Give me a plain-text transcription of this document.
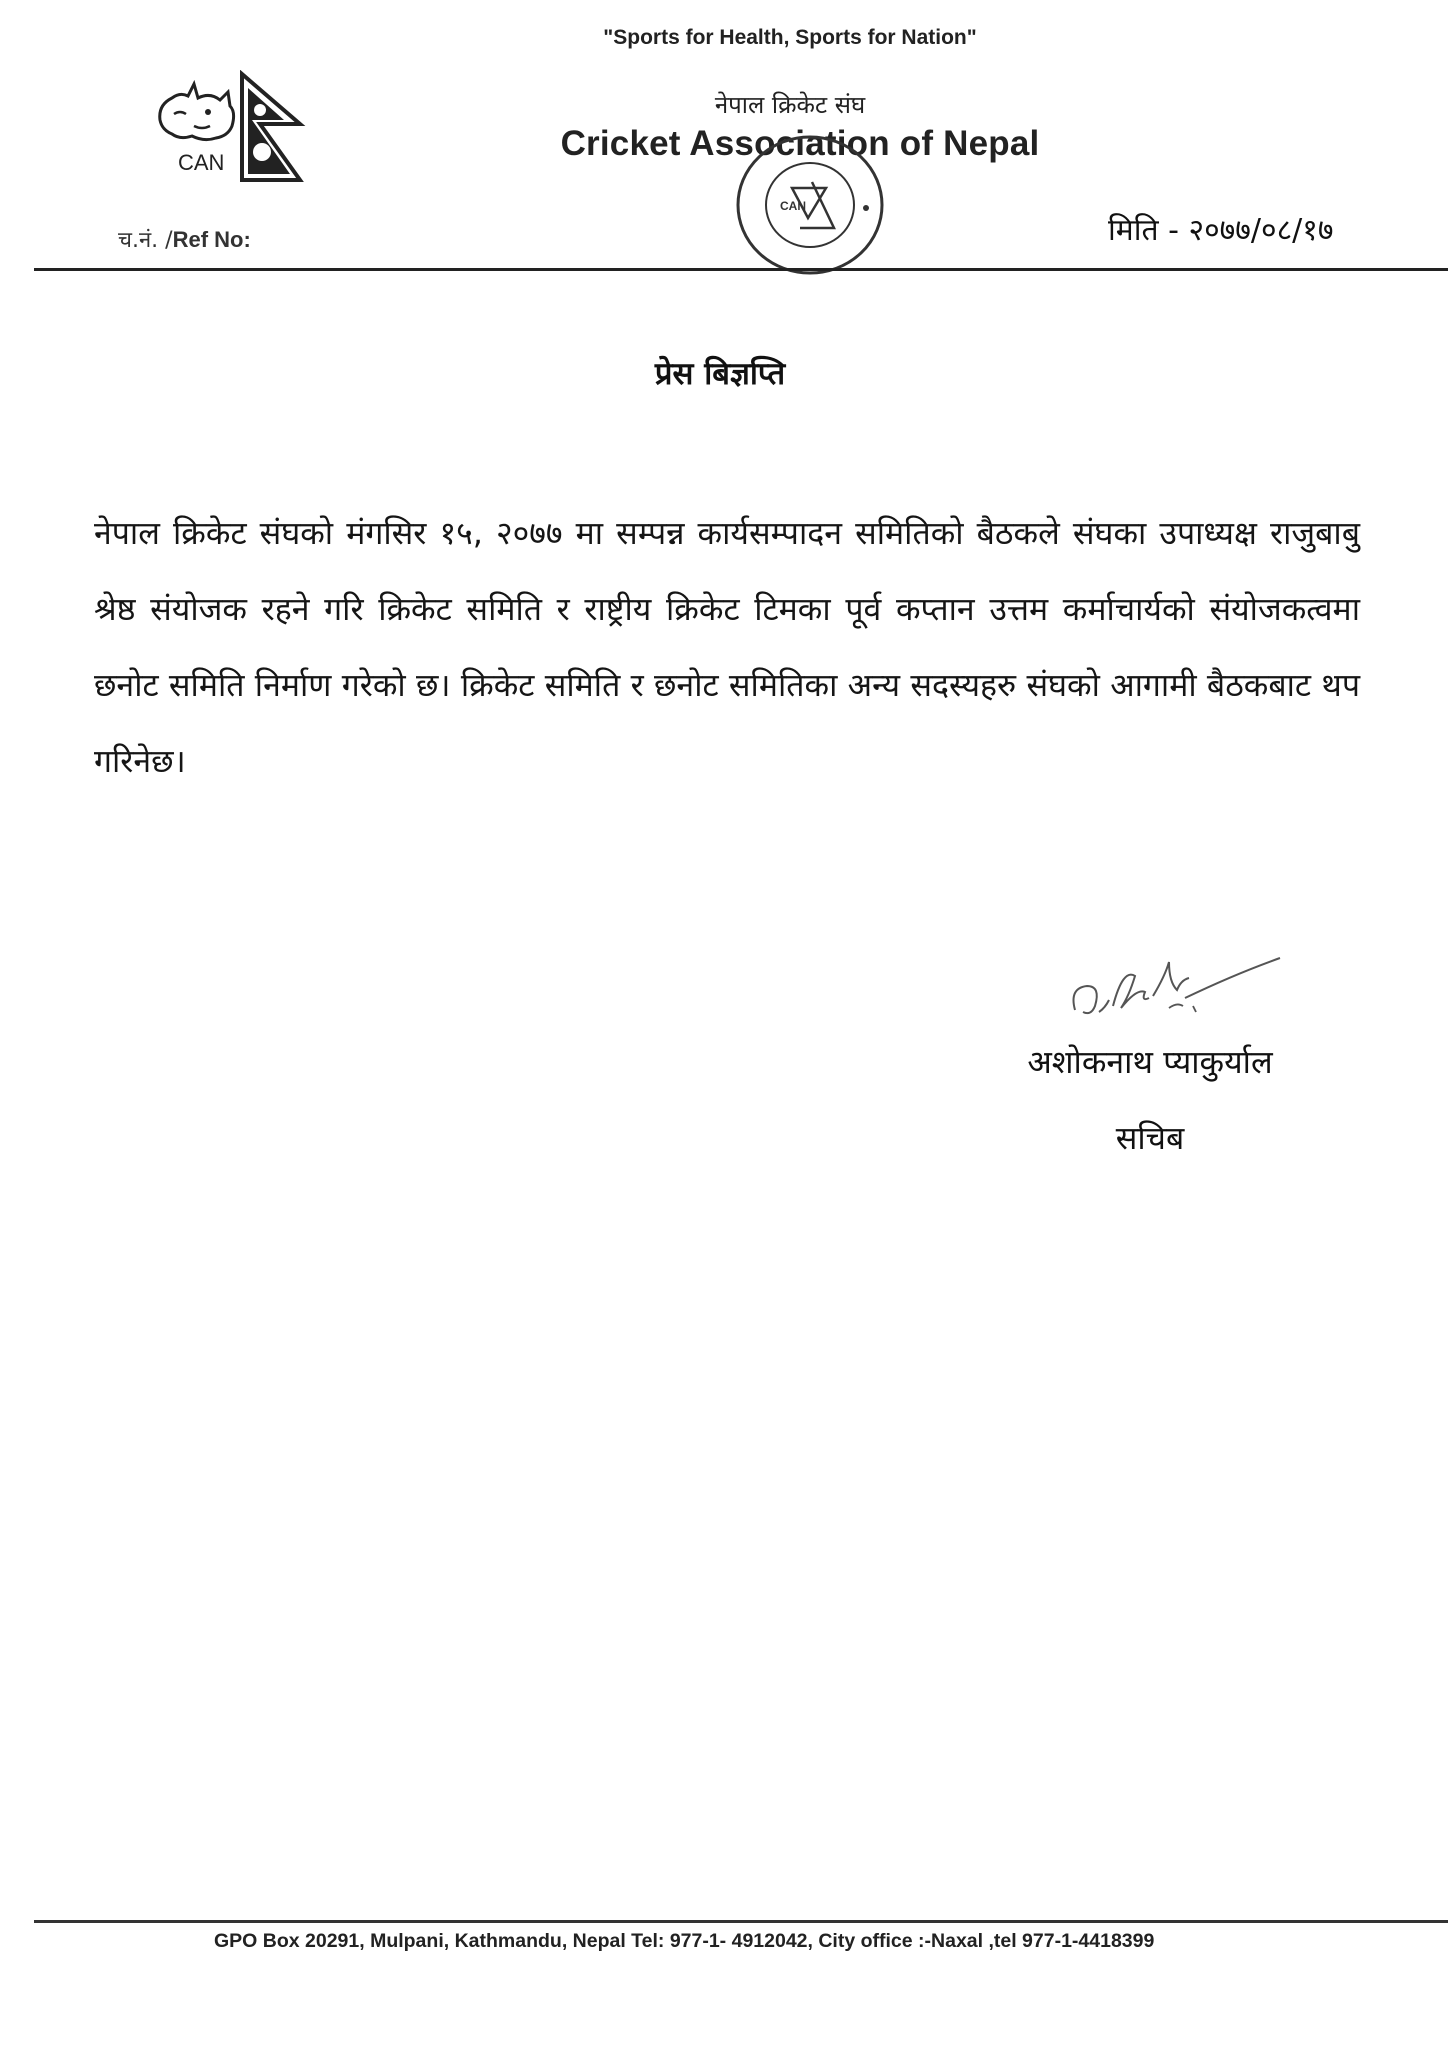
"Sports for Health, Sports for Nation"
CAN
नेपाल क्रिकेट संघ
Cricket Association of Nepal
CAN
च.नं. /Ref No:	मिति - २०७७/०८/१७
प्रेस बिज्ञप्ति
नेपाल क्रिकेट संघको मंगसिर १५, २०७७ मा सम्पन्न कार्यसम्पादन समितिको बैठकले संघका उपाध्यक्ष राजुबाबु श्रेष्ठ संयोजक रहने गरि क्रिकेट समिति र राष्ट्रीय क्रिकेट टिमका पूर्व कप्तान उत्तम कर्माचार्यको संयोजकत्वमा छनोट समिति निर्माण गरेको छ। क्रिकेट समिति र छनोट समितिका अन्य सदस्यहरु संघको आगामी बैठकबाट थप गरिनेछ।
अशोकनाथ प्याकुर्याल
सचिब
GPO Box 20291, Mulpani, Kathmandu, Nepal Tel: 977-1- 4912042, City office :-Naxal ,tel 977-1-4418399
